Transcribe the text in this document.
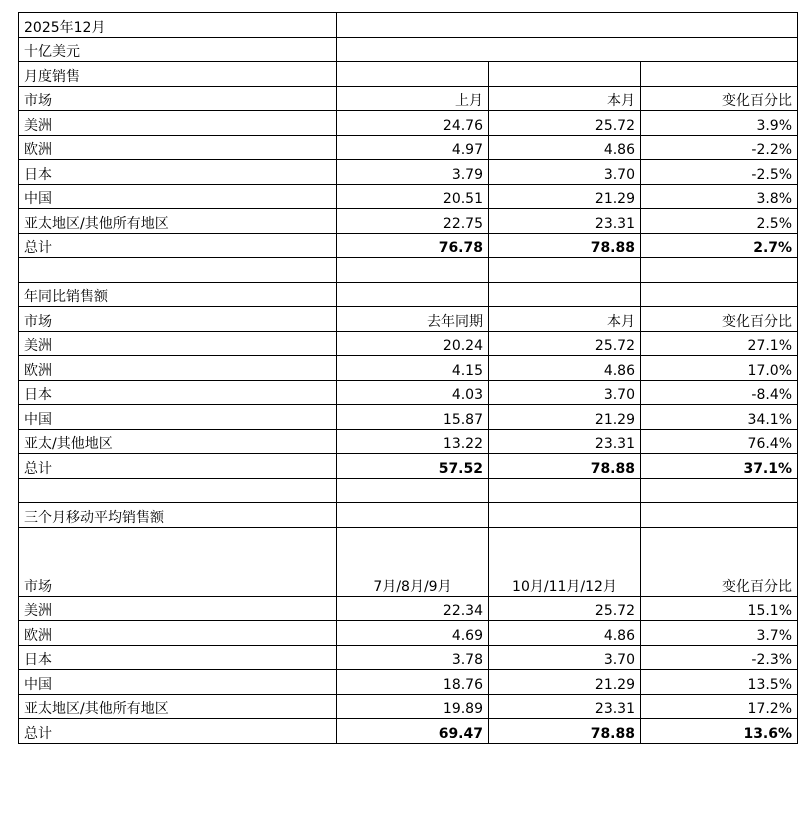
2025年12月			
十亿美元			
月度销售			
市场	上月	本月	变化百分比
美洲	24.76	25.72	3.9%
欧洲	4.97	4.86	-2.2%
日本	3.79	3.70	-2.5%
中国	20.51	21.29	3.8%
亚太地区/其他所有地区	22.75	23.31	2.5%
总计	76.78	78.88	2.7%

年同比销售额			
市场	去年同期	本月	变化百分比
美洲	20.24	25.72	27.1%
欧洲	4.15	4.86	17.0%
日本	4.03	3.70	-8.4%
中国	15.87	21.29	34.1%
亚太/其他地区	13.22	23.31	76.4%
总计	57.52	78.88	37.1%

三个月移动平均销售额			
市场	7月/8月/9月	10月/11月/12月	变化百分比
美洲	22.34	25.72	15.1%
欧洲	4.69	4.86	3.7%
日本	3.78	3.70	-2.3%
中国	18.76	21.29	13.5%
亚太地区/其他所有地区	19.89	23.31	17.2%
总计	69.47	78.88	13.6%
